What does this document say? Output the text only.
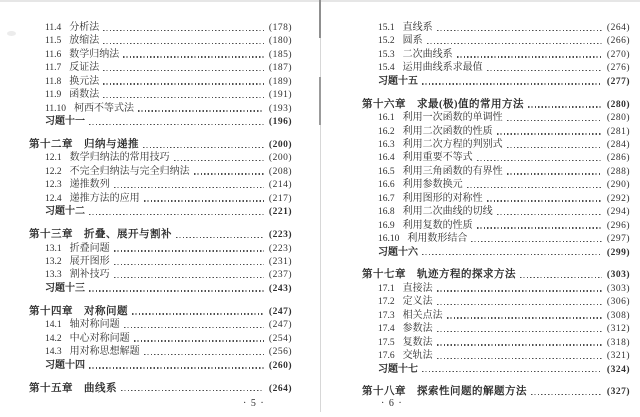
11.4 分析法	(178)
11.5 放缩法	(180)
11.6 数学归纳法	(185)
11.7 反证法	(187)
11.8 换元法	(189)
11.9 函数法	(191)
11.10 柯西不等式法	(193)
习题十一	(196)
第十二章 归纳与递推	(200)
12.1 数学归纳法的常用技巧	(200)
12.2 不完全归纳法与完全归纳法	(208)
12.3 递推数列	(214)
12.4 递推方法的应用	(217)
习题十二	(221)
第十三章 折叠、展开与割补	(223)
13.1 折叠问题	(223)
13.2 展开图形	(231)
13.3 割补技巧	(237)
习题十三	(243)
第十四章 对称问题	(247)
14.1 轴对称问题	(247)
14.2 中心对称问题	(254)
14.3 用对称思想解题	(256)
习题十四	(260)
第十五章 曲线系	(264)
15.1 直线系	(264)
15.2 圆系	(266)
15.3 二次曲线系	(270)
15.4 运用曲线系求最值	(276)
习题十五	(277)
第十六章 求最(极)值的常用方法	(280)
16.1 利用一次函数的单调性	(280)
16.2 利用二次函数的性质	(281)
16.3 利用二次方程的判别式	(284)
16.4 利用重要不等式	(286)
16.5 利用三角函数的有界性	(288)
16.6 利用参数换元	(290)
16.7 利用图形的对称性	(292)
16.8 利用二次曲线的切线	(294)
16.9 利用复数的性质	(296)
16.10 利用数形结合	(297)
习题十六	(299)
第十七章 轨迹方程的探求方法	(303)
17.1 直接法	(303)
17.2 定义法	(306)
17.3 相关点法	(308)
17.4 参数法	(312)
17.5 复数法	(318)
17.6 交轨法	(321)
习题十七	(324)
第十八章 探索性问题的解题方法	(327)
· 5 ·	· 6 ·
